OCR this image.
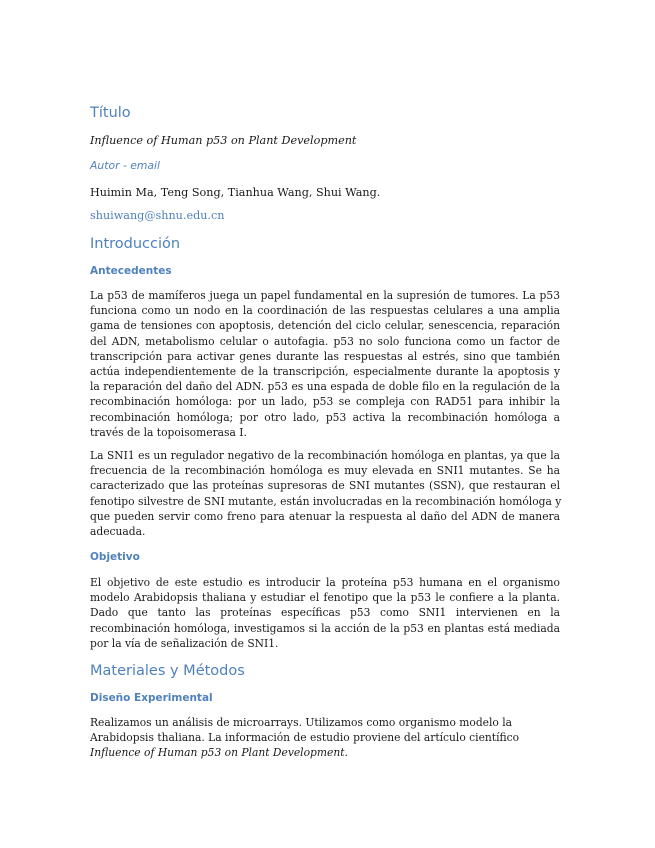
Título
Influence of Human p53 on Plant Development
Autor - email
Huimin Ma, Teng Song, Tianhua Wang, Shui Wang.
shuiwang@shnu.edu.cn
Introducción
Antecedentes
La p53 de mamíferos juega un papel fundamental en la supresión de tumores. La p53
funciona como un nodo en la coordinación de las respuestas celulares a una amplia
gama de tensiones con apoptosis, detención del ciclo celular, senescencia, reparación
del ADN, metabolismo celular o autofagia. p53 no solo funciona como un factor de
transcripción para activar genes durante las respuestas al estrés, sino que también
actúa independientemente de la transcripción, especialmente durante la apoptosis y
la reparación del daño del ADN. p53 es una espada de doble filo en la regulación de la
recombinación homóloga: por un lado, p53 se compleja con RAD51 para inhibir la
recombinación homóloga; por otro lado, p53 activa la recombinación homóloga a
través de la topoisomerasa I.
La SNI1 es un regulador negativo de la recombinación homóloga en plantas, ya que la
frecuencia de la recombinación homóloga es muy elevada en SNI1 mutantes. Se ha
caracterizado que las proteínas supresoras de SNI mutantes (SSN), que restauran el
fenotipo silvestre de SNI mutante, están involucradas en la recombinación homóloga y
que pueden servir como freno para atenuar la respuesta al daño del ADN de manera
adecuada.
Objetivo
El objetivo de este estudio es introducir la proteína p53 humana en el organismo
modelo Arabidopsis thaliana y estudiar el fenotipo que la p53 le confiere a la planta.
Dado que tanto las proteínas específicas p53 como SNI1 intervienen en la
recombinación homóloga, investigamos si la acción de la p53 en plantas está mediada
por la vía de señalización de SNI1.
Materiales y Métodos
Diseño Experimental
Realizamos un análisis de microarrays. Utilizamos como organismo modelo la
Arabidopsis thaliana. La información de estudio proviene del artículo científico
Influence of Human p53 on Plant Development.
